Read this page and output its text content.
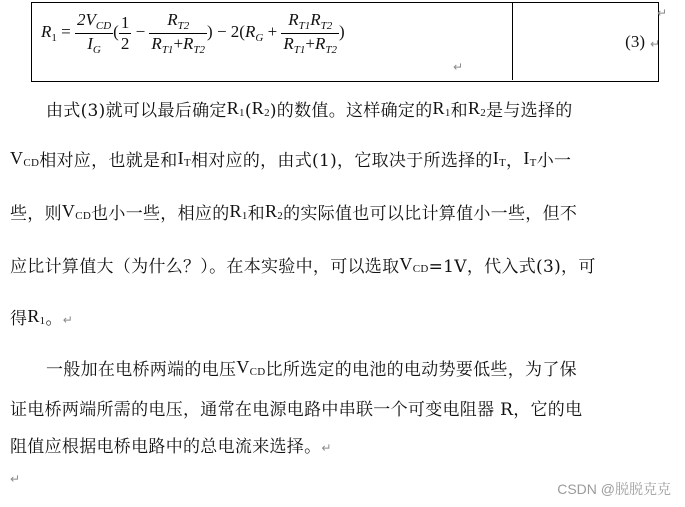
$R_1 = \frac{2V_{CD}}{I_G}$ ( $\frac{1}{2} - \frac{R_{T2}}{R_{T1}+R_{T2}}$ ) − $2(R_G + \frac{R_{T1}R_{T2}}{R_{T1}+R_{T2}}$ )
↵
(3)
↵
↵
由式(3)就可以最后确定R1(R2)的数值。这样确定的R1和R2是与选择的
VCD相对应，也就是和IT相对应的，由式(1)，它取决于所选择的IT，IT小一
些，则VCD也小一些，相应的R1和R2的实际值也可以比计算值小一些，但不
应比计算值大（为什么？）。在本实验中，可以选取VCD=1V，代入式(3)，可
得R1。↵
一般加在电桥两端的电压VCD比所选定的电池的电动势要低些，为了保
证电桥两端所需的电压，通常在电源电路中串联一个可变电阻器 R，它的电
阻值应根据电桥电路中的总电流来选择。↵
↵
CSDN @脱脱克克
